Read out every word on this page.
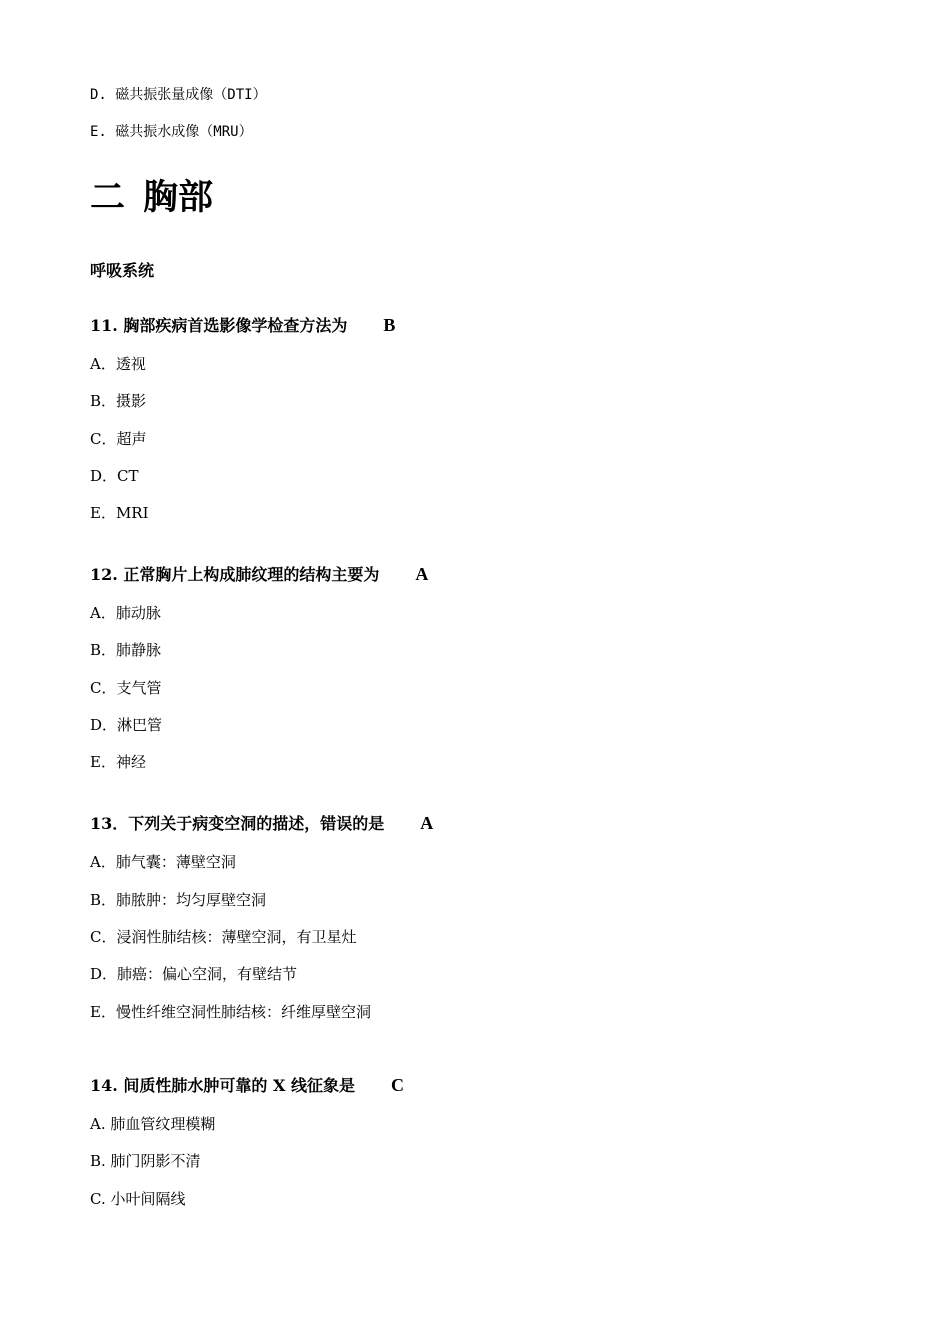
D. 磁共振张量成像（DTI）
E. 磁共振水成像（MRU）
二 胸部
呼吸系统
11. 胸部疾病首选影像学检查方法为 B
A．透视
B．摄影
C．超声
D．CT
E．MRI
12. 正常胸片上构成肺纹理的结构主要为 A
A．肺动脉
B．肺静脉
C．支气管
D．淋巴管
E．神经
13．下列关于病变空洞的描述，错误的是 A
A．肺气囊：薄壁空洞
B．肺脓肿：均匀厚壁空洞
C．浸润性肺结核：薄壁空洞，有卫星灶
D．肺癌：偏心空洞，有壁结节
E．慢性纤维空洞性肺结核：纤维厚壁空洞
14. 间质性肺水肿可靠的 X 线征象是 C
A. 肺血管纹理模糊
B. 肺门阴影不清
C. 小叶间隔线
